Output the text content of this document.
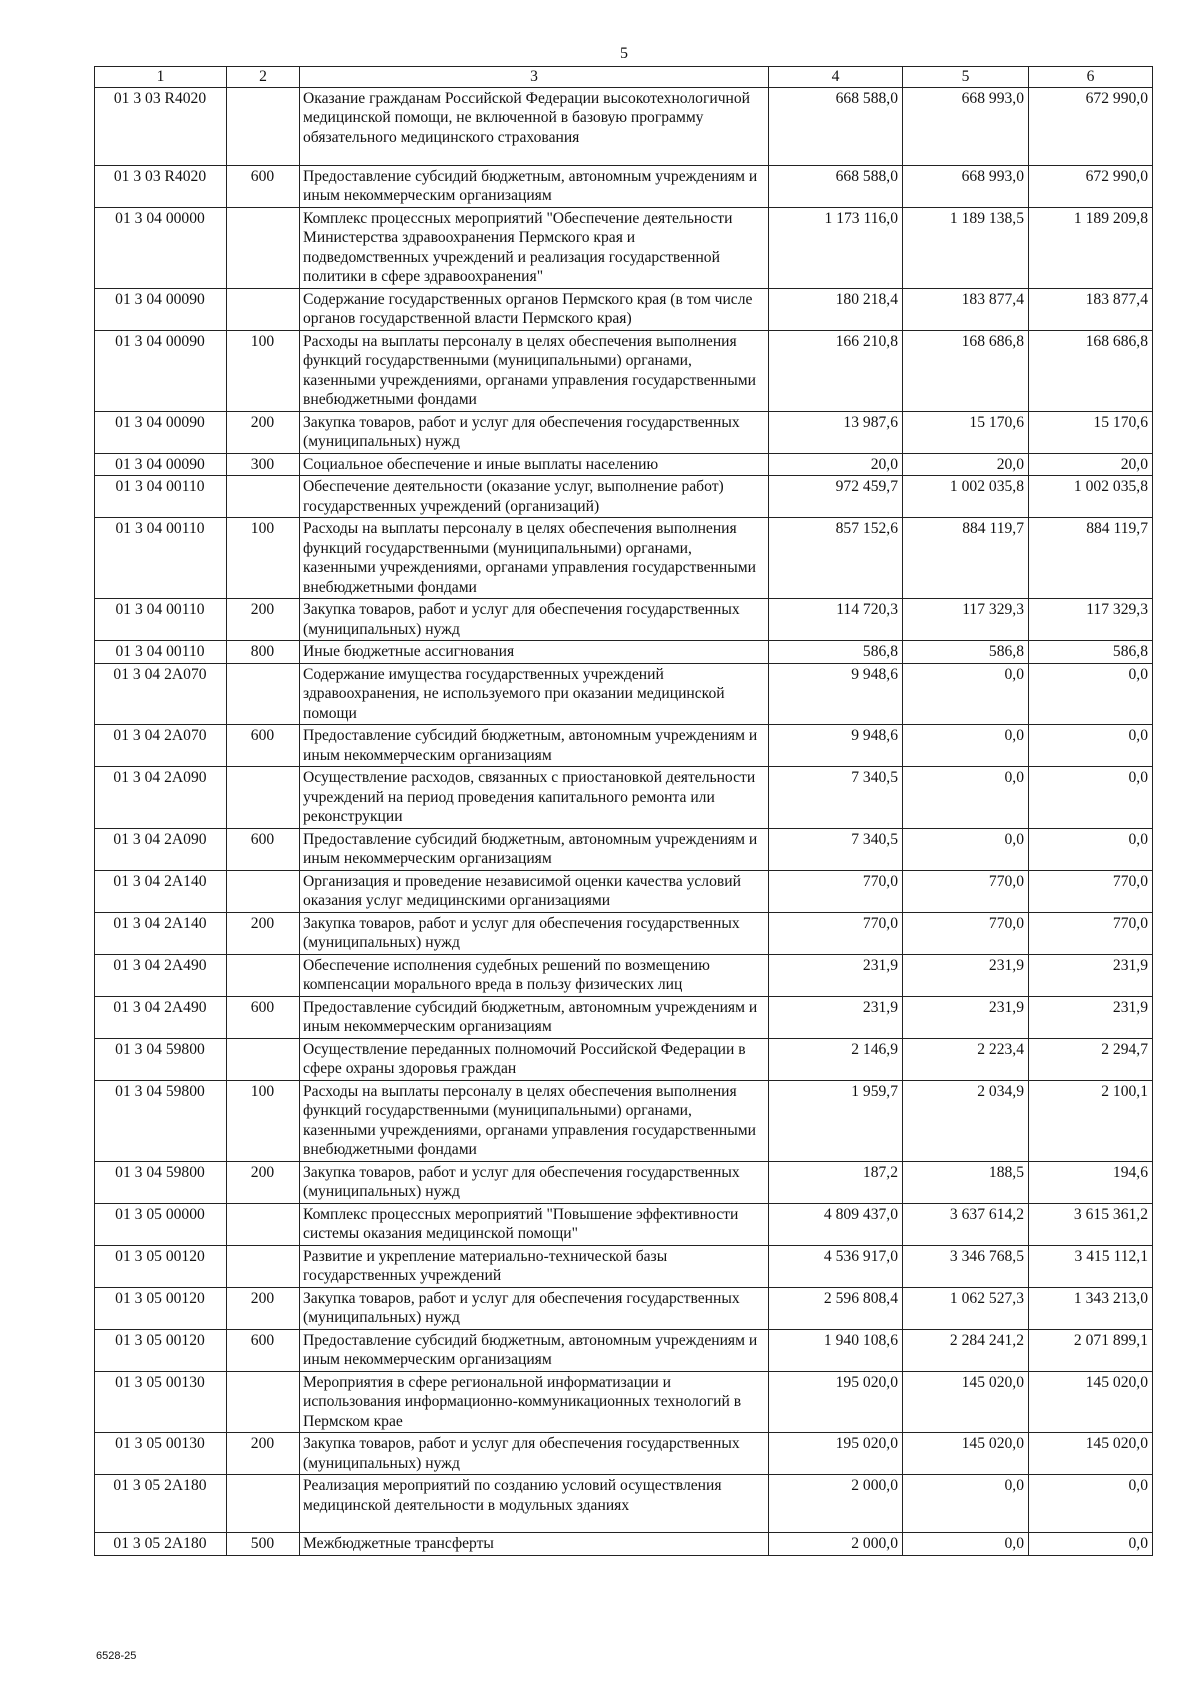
5
1	2	3	4	5	6
01 3 03 R4020		Оказание гражданам Российской Федерации высокотехнологичной медицинской помощи, не включенной в базовую программу обязательного медицинского страхования	668 588,0	668 993,0	672 990,0
01 3 03 R4020	600	Предоставление субсидий бюджетным, автономным учреждениям и иным некоммерческим организациям	668 588,0	668 993,0	672 990,0
01 3 04 00000		Комплекс процессных мероприятий "Обеспечение деятельности Министерства здравоохранения Пермского края и подведомственных учреждений и реализация государственной политики в сфере здравоохранения"	1 173 116,0	1 189 138,5	1 189 209,8
01 3 04 00090		Содержание государственных органов Пермского края (в том числе органов государственной власти Пермского края)	180 218,4	183 877,4	183 877,4
01 3 04 00090	100	Расходы на выплаты персоналу в целях обеспечения выполнения функций государственными (муниципальными) органами, казенными учреждениями, органами управления государственными внебюджетными фондами	166 210,8	168 686,8	168 686,8
01 3 04 00090	200	Закупка товаров, работ и услуг для обеспечения государственных (муниципальных) нужд	13 987,6	15 170,6	15 170,6
01 3 04 00090	300	Социальное обеспечение и иные выплаты населению	20,0	20,0	20,0
01 3 04 00110		Обеспечение деятельности (оказание услуг, выполнение работ) государственных учреждений (организаций)	972 459,7	1 002 035,8	1 002 035,8
01 3 04 00110	100	Расходы на выплаты персоналу в целях обеспечения выполнения функций государственными (муниципальными) органами, казенными учреждениями, органами управления государственными внебюджетными фондами	857 152,6	884 119,7	884 119,7
01 3 04 00110	200	Закупка товаров, работ и услуг для обеспечения государственных (муниципальных) нужд	114 720,3	117 329,3	117 329,3
01 3 04 00110	800	Иные бюджетные ассигнования	586,8	586,8	586,8
01 3 04 2А070		Содержание имущества государственных учреждений здравоохранения, не используемого при оказании медицинской помощи	9 948,6	0,0	0,0
01 3 04 2А070	600	Предоставление субсидий бюджетным, автономным учреждениям и иным некоммерческим организациям	9 948,6	0,0	0,0
01 3 04 2А090		Осуществление расходов, связанных с приостановкой деятельности учреждений на период проведения капитального ремонта или реконструкции	7 340,5	0,0	0,0
01 3 04 2А090	600	Предоставление субсидий бюджетным, автономным учреждениям и иным некоммерческим организациям	7 340,5	0,0	0,0
01 3 04 2А140		Организация и проведение независимой оценки качества условий оказания услуг медицинскими организациями	770,0	770,0	770,0
01 3 04 2А140	200	Закупка товаров, работ и услуг для обеспечения государственных (муниципальных) нужд	770,0	770,0	770,0
01 3 04 2А490		Обеспечение исполнения судебных решений по возмещению компенсации морального вреда в пользу физических лиц	231,9	231,9	231,9
01 3 04 2А490	600	Предоставление субсидий бюджетным, автономным учреждениям и иным некоммерческим организациям	231,9	231,9	231,9
01 3 04 59800		Осуществление переданных полномочий Российской Федерации в сфере охраны здоровья граждан	2 146,9	2 223,4	2 294,7
01 3 04 59800	100	Расходы на выплаты персоналу в целях обеспечения выполнения функций государственными (муниципальными) органами, казенными учреждениями, органами управления государственными внебюджетными фондами	1 959,7	2 034,9	2 100,1
01 3 04 59800	200	Закупка товаров, работ и услуг для обеспечения государственных (муниципальных) нужд	187,2	188,5	194,6
01 3 05 00000		Комплекс процессных мероприятий "Повышение эффективности системы оказания медицинской помощи"	4 809 437,0	3 637 614,2	3 615 361,2
01 3 05 00120		Развитие и укрепление материально-технической базы государственных учреждений	4 536 917,0	3 346 768,5	3 415 112,1
01 3 05 00120	200	Закупка товаров, работ и услуг для обеспечения государственных (муниципальных) нужд	2 596 808,4	1 062 527,3	1 343 213,0
01 3 05 00120	600	Предоставление субсидий бюджетным, автономным учреждениям и иным некоммерческим организациям	1 940 108,6	2 284 241,2	2 071 899,1
01 3 05 00130		Мероприятия в сфере региональной информатизации и использования информационно-коммуникационных технологий в Пермском крае	195 020,0	145 020,0	145 020,0
01 3 05 00130	200	Закупка товаров, работ и услуг для обеспечения государственных (муниципальных) нужд	195 020,0	145 020,0	145 020,0
01 3 05 2А180		Реализация мероприятий по созданию условий осуществления медицинской деятельности в модульных зданиях	2 000,0	0,0	0,0
01 3 05 2А180	500	Межбюджетные трансферты	2 000,0	0,0	0,0
6528-25
